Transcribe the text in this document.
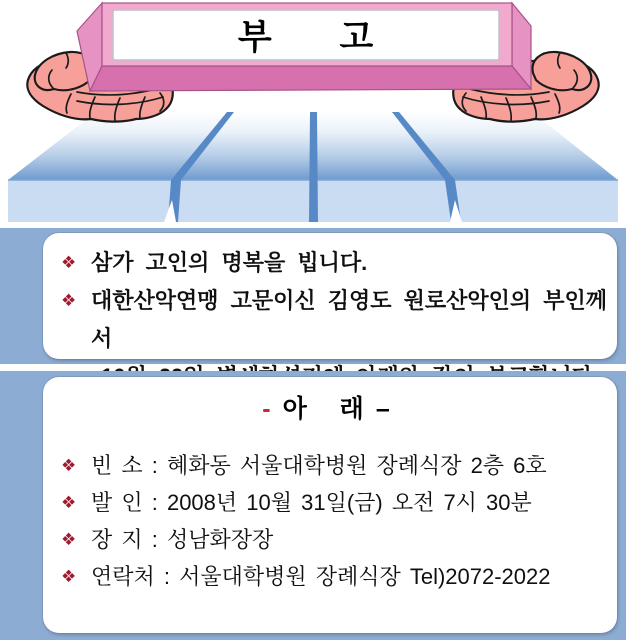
부 고
❖ 삼가 고인의 명복을 빕니다.
❖ 대한산악연맹 고문이신 김영도 원로산악인의 부인께서
- 아 래 –
❖ 빈 소 : 혜화동 서울대학병원 장례식장 2층 6호
❖ 발 인 : 2008년 10월 31일(금) 오전 7시 30분
❖ 장 지 : 성남화장장
❖ 연락처 : 서울대학병원 장례식장 Tel)2072-2022
